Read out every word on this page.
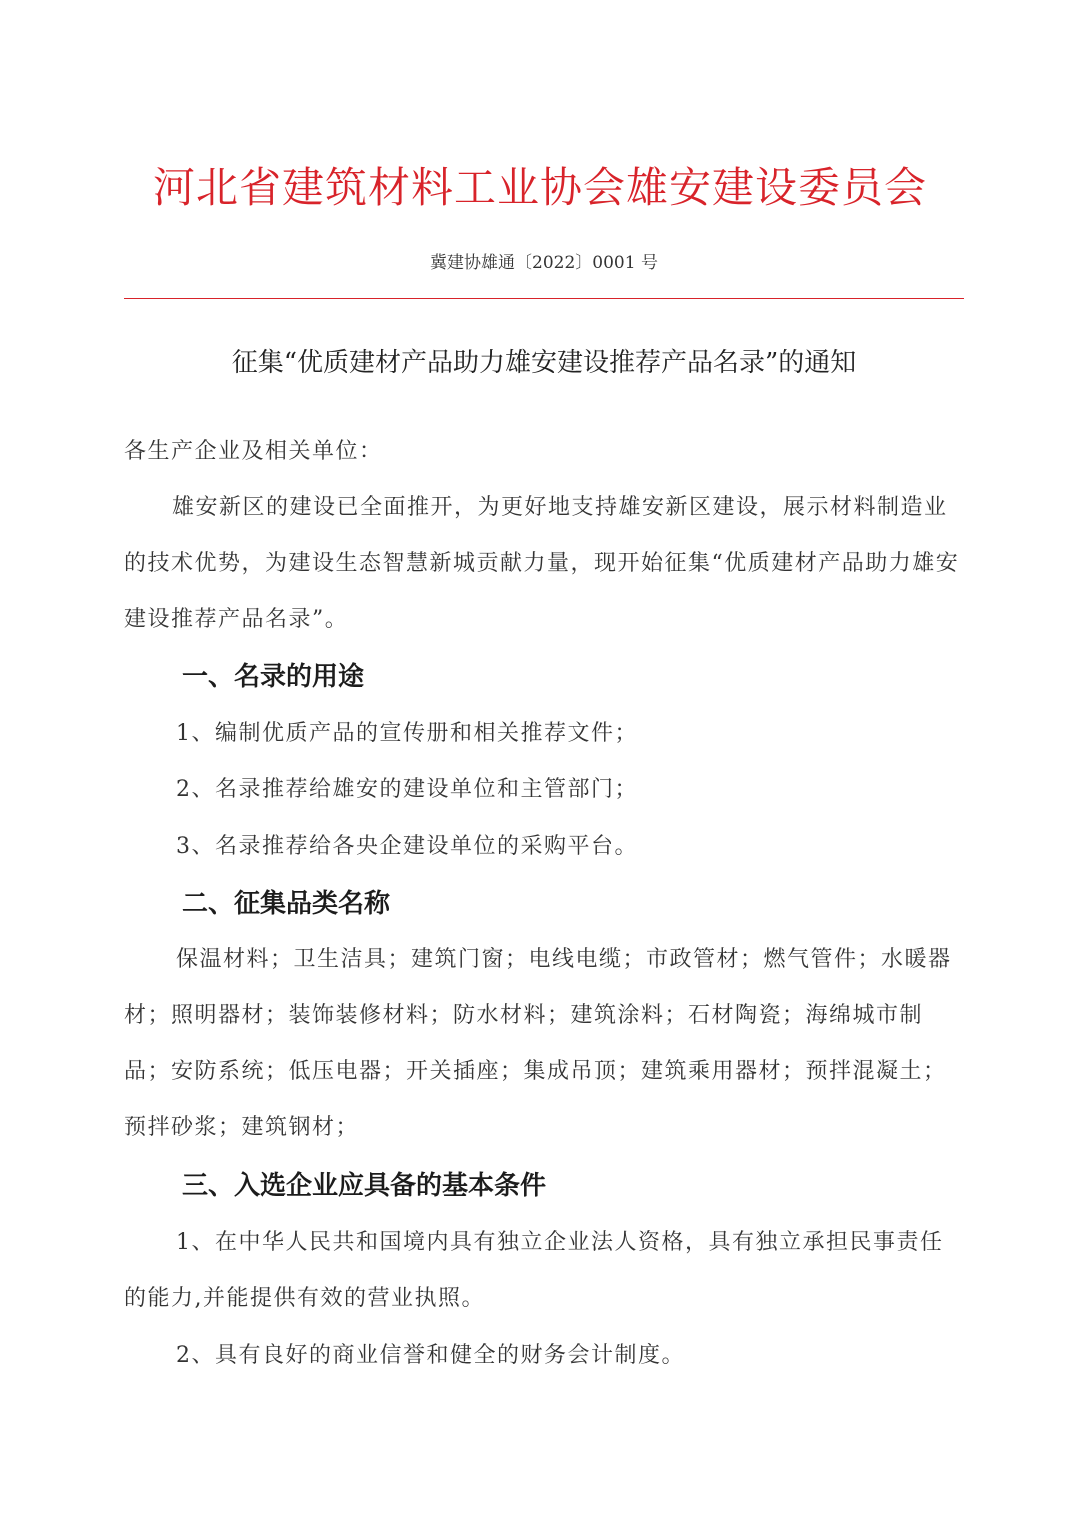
河北省建筑材料工业协会雄安建设委员会
冀建协雄通〔2022〕0001 号
征集“优质建材产品助力雄安建设推荐产品名录”的通知
各生产企业及相关单位：
雄安新区的建设已全面推开，为更好地支持雄安新区建设，展示材料制造业的技术优势，为建设生态智慧新城贡献力量，现开始征集“优质建材产品助力雄安建设推荐产品名录”。
一、名录的用途
1、编制优质产品的宣传册和相关推荐文件；
2、名录推荐给雄安的建设单位和主管部门；
3、名录推荐给各央企建设单位的采购平台。
二、征集品类名称
保温材料；卫生洁具；建筑门窗；电线电缆；市政管材；燃气管件；水暖器材；照明器材；装饰装修材料；防水材料；建筑涂料；石材陶瓷；海绵城市制品；安防系统；低压电器；开关插座；集成吊顶；建筑乘用器材；预拌混凝土；预拌砂浆；建筑钢材；
三、入选企业应具备的基本条件
1、在中华人民共和国境内具有独立企业法人资格，具有独立承担民事责任的能力,并能提供有效的营业执照。
2、具有良好的商业信誉和健全的财务会计制度。
